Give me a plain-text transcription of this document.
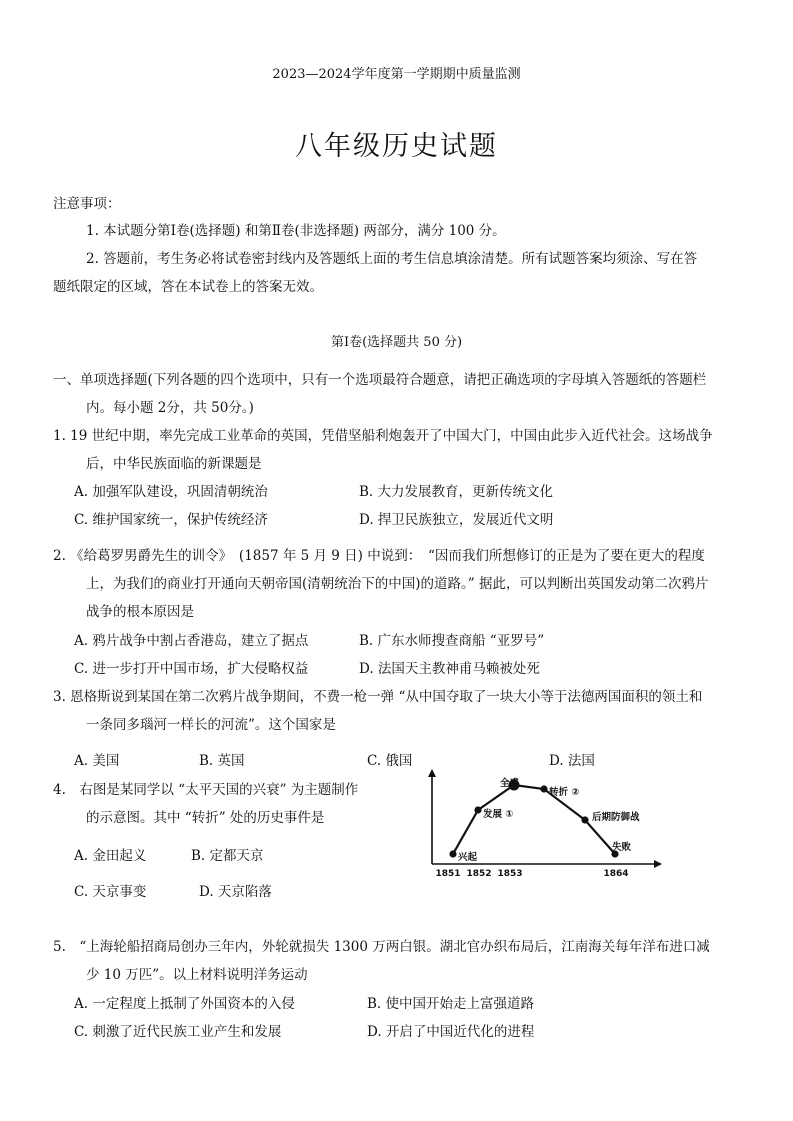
2023—2024学年度第一学期期中质量监测
八年级历史试题
注意事项：
1. 本试题分第Ⅰ卷(选择题) 和第Ⅱ卷(非选择题) 两部分，满分 100 分。
2. 答题前，考生务必将试卷密封线内及答题纸上面的考生信息填涂清楚。所有试题答案均须涂、写在答
题纸限定的区域，答在本试卷上的答案无效。
第Ⅰ卷(选择题共 50 分)
一、单项选择题(下列各题的四个选项中，只有一个选项最符合题意，请把正确选项的字母填入答题纸的答题栏
内。每小题 2分，共 50分。)
1. 19 世纪中期，率先完成工业革命的英国，凭借坚船利炮轰开了中国大门，中国由此步入近代社会。这场战争
后，中华民族面临的新课题是
A. 加强军队建设，巩固清朝统治	B. 大力发展教育，更新传统文化
C. 维护国家统一，保护传统经济	D. 捍卫民族独立，发展近代文明
2. 《给葛罗男爵先生的训令》　(1857 年 5 月 9 日) 中说到：　“因而我们所想修订的正是为了要在更大的程度
上，为我们的商业打开通向天朝帝国(清朝统治下的中国)的道路。” 据此，可以判断出英国发动第二次鸦片
战争的根本原因是
A. 鸦片战争中割占香港岛，建立了据点	B. 广东水师搜查商船 “亚罗号”
C. 进一步打开中国市场，扩大侵略权益	D. 法国天主教神甫马赖被处死
3. 恩格斯说到某国在第二次鸦片战争期间，不费一枪一弹 “从中国夺取了一块大小等于法德两国面积的领土和
一条同多瑙河一样长的河流”。这个国家是
A. 美国	B. 英国	C. 俄国	D. 法国
4.　右图是某同学以 “太平天国的兴衰” 为主题制作
的示意图。其中 “转折” 处的历史事件是
A. 金田起义	B. 定都天京
C. 天京事变	D. 天京陷落
兴起
发展 ①
全盛
转折 ②
后期防御战
失败
1851 1852 1853	1864
5.　“上海轮船招商局创办三年内，外轮就损失 1300 万两白银。湖北官办织布局后，江南海关每年洋布进口减
少 10 万匹”。以上材料说明洋务运动
A. 一定程度上抵制了外国资本的入侵	B. 使中国开始走上富强道路
C. 刺激了近代民族工业产生和发展	D. 开启了中国近代化的进程
